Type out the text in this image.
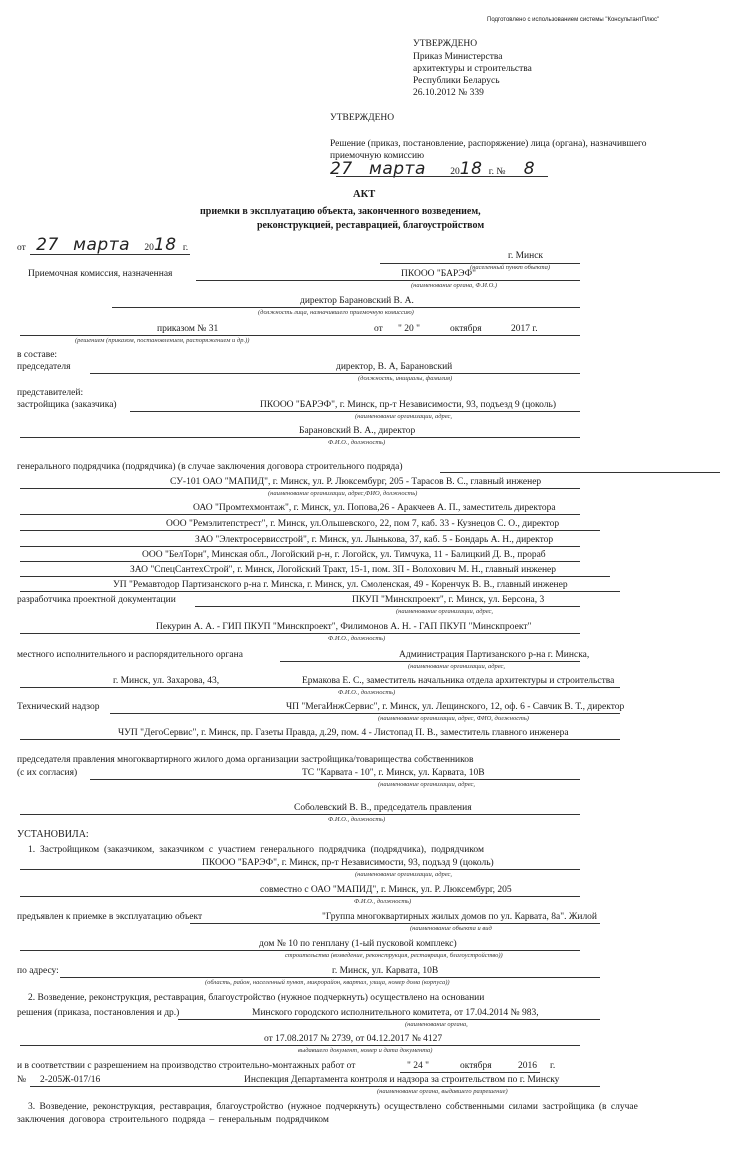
Подготовлено с использованием системы "КонсультантПлюс"
УТВЕРЖДЕНО
Приказ Министерства
архитектуры и строительства
Республики Беларусь
26.10.2012 № 339
УТВЕРЖДЕНО
Решение (приказ, постановление, распоряжение) лица (органа), назначившего
приемочную комиссию
27 марта	2018 г. № 8
АКТ
приемки в эксплуатацию объекта, законченного возведением,
реконструкцией, реставрацией, благоустройством
от 27 марта 2018 г.
г. Минск
(населенный пункт объекта)
Приемочная комиссия, назначенная	ПКООО "БАРЭФ"
(наименование органа, Ф.И.О.)
директор Барановский В. А.
(должность лица, назначившего приемочную комиссию)
приказом № 31	от " 20 "	октября	2017 г.
(решением (приказом, постановлением, распоряжением и др.))
в составе:
председателя	директор, В. А, Барановский
(должность, инициалы, фамилия)
представителей:
застройщика (заказчика)	ПКООО "БАРЭФ", г. Минск, пр-т Независимости, 93, подъезд 9 (цоколь)
(наименование организации, адрес,
Барановский В. А., директор
Ф.И.О., должность)
генерального подрядчика (подрядчика) (в случае заключения договора строительного подряда)
СУ-101 ОАО "МАПИД", г. Минск, ул. Р. Люксембург, 205 - Тарасов В. С., главный инженер
(наименование организации, адрес,ФИО, должность)
ОАО "Промтехмонтаж", г. Минск, ул. Попова,26 - Аракчеев А. П., заместитель директора
ООО "Ремэлитепстрест", г. Минск, ул.Ольшевского, 22, пом 7, каб. 33 - Кузнецов С. О., директор
ЗАО "Электросервисстрой", г. Минск, ул. Лынькова, 37, каб. 5 - Бондарь А. Н., директор
ООО "БелТорн", Минская обл., Логойский р-н, г. Логойск, ул. Тимчука, 11 - Балицкий Д. В., прораб
ЗАО "СпецСантехСтрой", г. Минск, Логойский Тракт, 15-1, пом. 3П - Волохович М. Н., главный инженер
УП "Ремавтодор Партизанского р-на г. Минска, г. Минск, ул. Смоленская, 49 - Коренчук В. В., главный инженер
разработчика проектной документации	ПКУП "Минскпроект", г. Минск, ул. Берсона, 3
(наименование организации, адрес,
Пекурин А. А. - ГИП ПКУП "Минскпроект", Филимонов А. Н. - ГАП ПКУП "Минскпроект"
Ф.И.О., должность)
местного исполнительного и распорядительного органа	Администрация Партизанского р-на г. Минска,
(наименование организации, адрес,
г. Минск, ул. Захарова, 43,	Ермакова Е. С., заместитель начальника отдела архитектуры и строительства
Ф.И.О., должность)
Технический надзор	ЧП "МегаИнжСервис", г. Минск, ул. Лещинского, 12, оф. 6 - Савчик В. Т., директор
(наименование организации, адрес, ФИО, должность)
ЧУП "ДегоСервис", г. Минск, пр. Газеты Правда, д.29, пом. 4 - Листопад П. В., заместитель главного инженера
председателя правления многоквартирного жилого дома организации застройщика/товарищества собственников
(с их согласия)	ТС "Карвата - 10", г. Минск, ул. Карвата, 10В
(наименование организации, адрес,
Соболевский В. В., председатель правления
Ф.И.О., должность)
УСТАНОВИЛА:
1. Застройщиком (заказчиком, заказчиком с участием генерального подрядчика (подрядчика), подрядчиком
ПКООО "БАРЭФ", г. Минск, пр-т Независимости, 93, подъзд 9 (цоколь)
(наименование организации, адрес,
совместно с ОАО "МАПИД", г. Минск, ул. Р. Люксембург, 205
Ф.И.О., должность)
предъявлен к приемке в эксплуатацию объект	"Группа многоквартирных жилых домов по ул. Карвата, 8а". Жилой
(наименование объекта и вид
дом № 10 по генплану (1-ый пусковой комплекс)
строительства (возведение, реконструкция, реставрация, благоустройство))
по адресу:	г. Минск, ул. Карвата, 10В
(область, район, населенный пункт, микрорайон, квартал, улица, номер дома (корпуса))
2. Возведение, реконструкция, реставрация, благоустройство (нужное подчеркнуть) осуществлено на основании
решения (приказа, постановления и др.)	Минского городского исполнительного комитета, от 17.04.2014 № 983,
(наименование органа,
от 17.08.2017 № 2739, от 04.12.2017 № 4127
выдавшего документ, номер и дата документа)
и в соответствии с разрешением на производство строительно-монтажных работ от	" 24 "	октября	2016 г.
№ 2-205Ж-017/16	Инспекция Департамента контроля и надзора за строительством по г. Минску
(наименование органа, выдавшего разрешение)
3. Возведение, реконструкция, реставрация, благоустройство (нужное подчеркнуть) осуществлено собственными силами застройщика (в случае
заключения договора строительного подряда – генеральным подрядчиком
